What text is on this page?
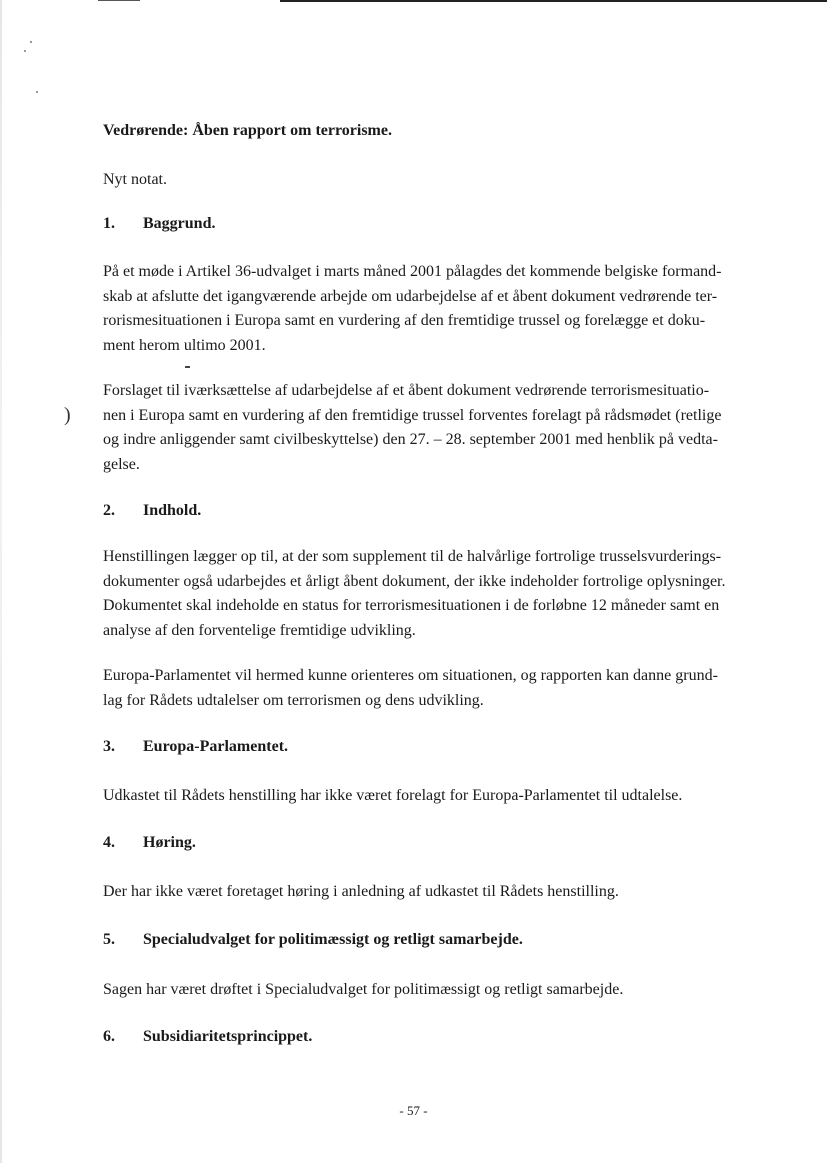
)
Vedrørende: Åben rapport om terrorisme.
Nyt notat.
1. Baggrund.
På et møde i Artikel 36-udvalget i marts måned 2001 pålagdes det kommende belgiske formand-
skab at afslutte det igangværende arbejde om udarbejdelse af et åbent dokument vedrørende ter-
rorismesituationen i Europa samt en vurdering af den fremtidige trussel og forelægge et doku-
ment herom ultimo 2001.
Forslaget til iværksættelse af udarbejdelse af et åbent dokument vedrørende terrorismesituatio-
nen i Europa samt en vurdering af den fremtidige trussel forventes forelagt på rådsmødet (retlige
og indre anliggender samt civilbeskyttelse) den 27. – 28. september 2001 med henblik på vedta-
gelse.
2. Indhold.
Henstillingen lægger op til, at der som supplement til de halvårlige fortrolige trusselsvurderings-
dokumenter også udarbejdes et årligt åbent dokument, der ikke indeholder fortrolige oplysninger.
Dokumentet skal indeholde en status for terrorismesituationen i de forløbne 12 måneder samt en
analyse af den forventelige fremtidige udvikling.
Europa-Parlamentet vil hermed kunne orienteres om situationen, og rapporten kan danne grund-
lag for Rådets udtalelser om terrorismen og dens udvikling.
3. Europa-Parlamentet.
Udkastet til Rådets henstilling har ikke været forelagt for Europa-Parlamentet til udtalelse.
4. Høring.
Der har ikke været foretaget høring i anledning af udkastet til Rådets henstilling.
5. Specialudvalget for politimæssigt og retligt samarbejde.
Sagen har været drøftet i Specialudvalget for politimæssigt og retligt samarbejde.
6. Subsidiaritetsprincippet.
- 57 -
